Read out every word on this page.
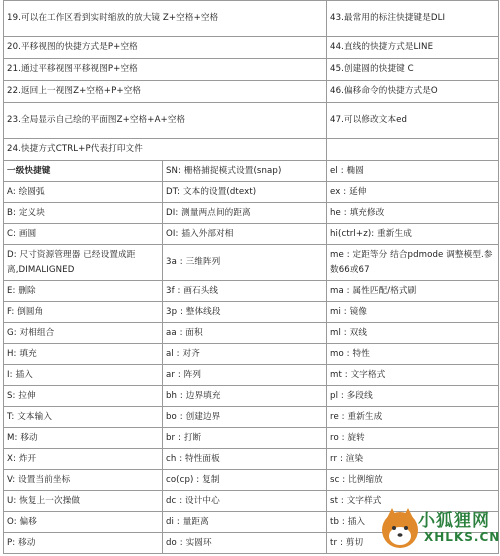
19.可以在工作区看到实时缩放的放大镜 Z+空格+空格		43.最常用的标注快捷键是DLI
20.平移视图的快捷方式是P+空格		44.直线的快捷方式是LINE
21.通过平移视图平移视图P+空格		45.创建圆的快捷键 C
22.返回上一视图Z+空格+P+空格		46.偏移命令的快捷方式是O
23.全局显示自己绘的平面图Z+空格+A+空格		47.可以修改文本ed
24.快捷方式CTRL+P代表打印文件		
一级快捷键	SN: 栅格捕捉模式设置(snap)	el : 椭圆
A: 绘圆弧	DT: 文本的设置(dtext)	ex : 延伸
B: 定义块	DI: 测量两点间的距离	he : 填充修改
C: 画圆	OI: 插入外部对相	hi(ctrl+z): 重新生成
D: 尺寸资源管理器 已经设置成距离,DIMALIGNED	3a : 三维阵列	me : 定距等分 结合pdmode 调整模型.参数66或67
E: 删除	3f : 画石头线	ma : 属性匹配/格式刷
F: 倒圆角	3p : 整体线段	mi : 镜像
G: 对相组合	aa : 面积	ml : 双线
H: 填充	al : 对齐	mo : 特性
I: 插入	ar : 阵列	mt : 文字格式
S: 拉伸	bh : 边界填充	pl : 多段线
T: 文本输入	bo : 创建边界	re : 重新生成
M: 移动	br : 打断	ro : 旋转
X: 炸开	ch : 特性面板	rr : 渲染
V: 设置当前坐标	co(cp) : 复制	sc : 比例缩放
U: 恢复上一次操做	dc : 设计中心	st : 文字样式
O: 偏移	di : 量距离	tb : 插入
P: 移动	do : 实圆环	tr : 剪切
小狐狸网
XHLKS.CN
